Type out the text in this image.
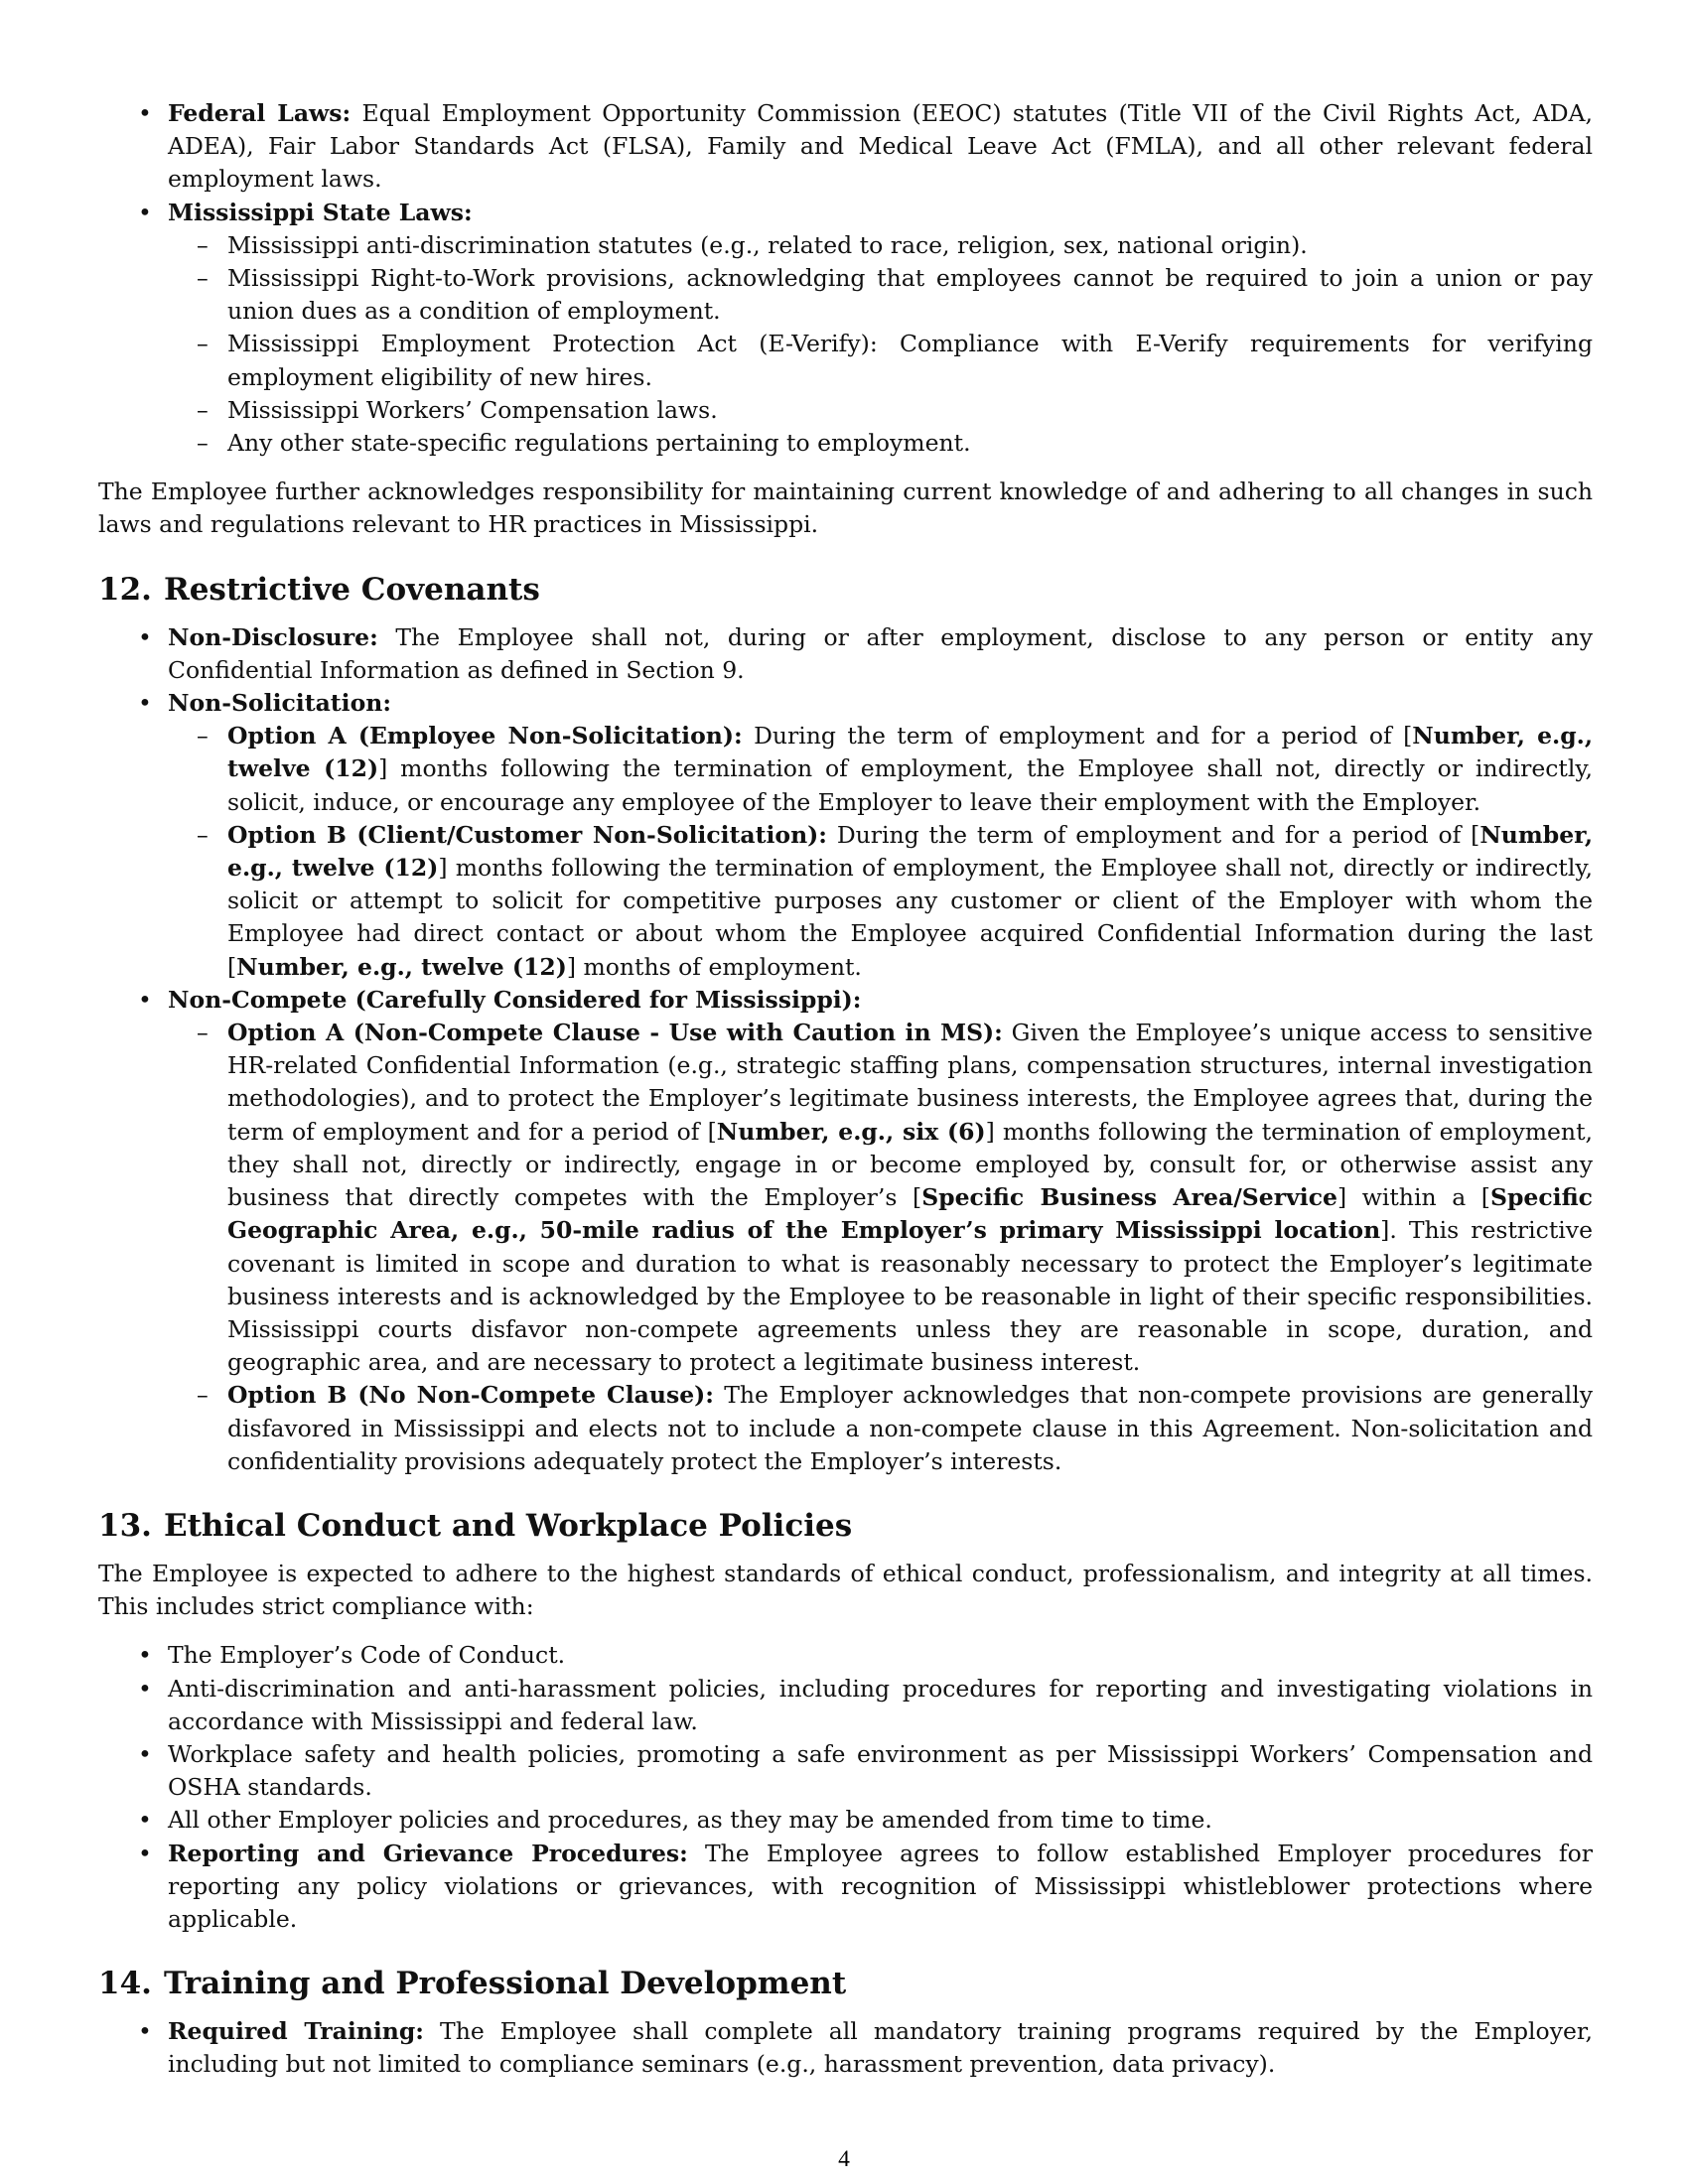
• Federal Laws: Equal Employment Opportunity Commission (EEOC) statutes (Title VII of the Civil Rights Act, ADA, ADEA), Fair Labor Standards Act (FLSA), Family and Medical Leave Act (FMLA), and all other relevant federal employment laws.
• Mississippi State Laws:
– Mississippi anti-discrimination statutes (e.g., related to race, religion, sex, national origin).
– Mississippi Right-to-Work provisions, acknowledging that employees cannot be required to join a union or pay union dues as a condition of employment.
– Mississippi Employment Protection Act (E-Verify): Compliance with E-Verify requirements for verifying employment eligibility of new hires.
– Mississippi Workers’ Compensation laws.
– Any other state-specific regulations pertaining to employment.

The Employee further acknowledges responsibility for maintaining current knowledge of and adhering to all changes in such laws and regulations relevant to HR practices in Mississippi.

12. Restrictive Covenants
• Non-Disclosure: The Employee shall not, during or after employment, disclose to any person or entity any Confidential Information as defined in Section 9.
• Non-Solicitation:
– Option A (Employee Non-Solicitation): During the term of employment and for a period of [Number, e.g., twelve (12)] months following the termination of employment, the Employee shall not, directly or indirectly, solicit, induce, or encourage any employee of the Employer to leave their employment with the Employer.
– Option B (Client/Customer Non-Solicitation): During the term of employment and for a period of [Number, e.g., twelve (12)] months following the termination of employment, the Employee shall not, directly or indirectly, solicit or attempt to solicit for competitive purposes any customer or client of the Employer with whom the Employee had direct contact or about whom the Employee acquired Confidential Information during the last [Number, e.g., twelve (12)] months of employment.
• Non-Compete (Carefully Considered for Mississippi):
– Option A (Non-Compete Clause - Use with Caution in MS): Given the Employee’s unique access to sensitive HR-related Confidential Information (e.g., strategic staffing plans, compensation structures, internal investigation methodologies), and to protect the Employer’s legitimate business interests, the Employee agrees that, during the term of employment and for a period of [Number, e.g., six (6)] months following the termination of employment, they shall not, directly or indirectly, engage in or become employed by, consult for, or otherwise assist any business that directly competes with the Employer’s [Specific Business Area/Service] within a [Specific Geographic Area, e.g., 50-mile radius of the Employer’s primary Mississippi location]. This restrictive covenant is limited in scope and duration to what is reasonably necessary to protect the Employer’s legitimate business interests and is acknowledged by the Employee to be reasonable in light of their specific responsibilities. Mississippi courts disfavor non-compete agreements unless they are reasonable in scope, duration, and geographic area, and are necessary to protect a legitimate business interest.
– Option B (No Non-Compete Clause): The Employer acknowledges that non-compete provisions are generally disfavored in Mississippi and elects not to include a non-compete clause in this Agreement. Non-solicitation and confidentiality provisions adequately protect the Employer’s interests.
13. Ethical Conduct and Workplace Policies

The Employee is expected to adhere to the highest standards of ethical conduct, professionalism, and integrity at all times. This includes strict compliance with:

• The Employer’s Code of Conduct.
• Anti-discrimination and anti-harassment policies, including procedures for reporting and investigating violations in accordance with Mississippi and federal law.
• Workplace safety and health policies, promoting a safe environment as per Mississippi Workers’ Compensation and OSHA standards.
• All other Employer policies and procedures, as they may be amended from time to time.
• Reporting and Grievance Procedures: The Employee agrees to follow established Employer procedures for reporting any policy violations or grievances, with recognition of Mississippi whistleblower protections where applicable.
14. Training and Professional Development
• Required Training: The Employee shall complete all mandatory training programs required by the Employer, including but not limited to compliance seminars (e.g., harassment prevention, data privacy).
4
